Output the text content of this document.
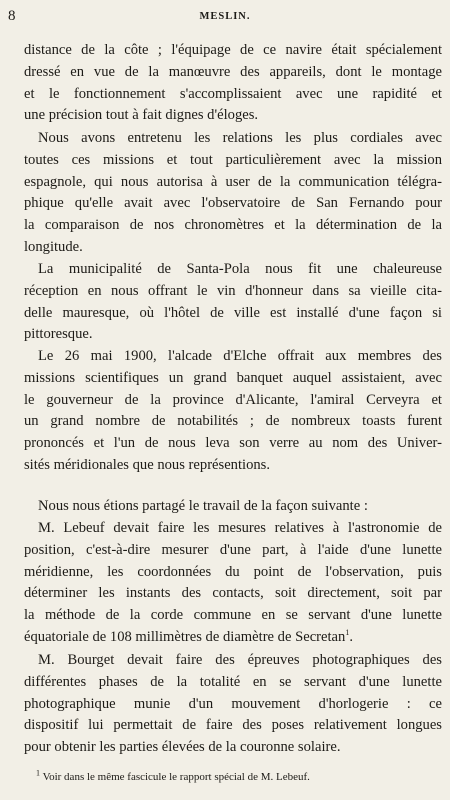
8	MESLIN.
distance de la côte ; l'équipage de ce navire était spécialement
dressé en vue de la manœuvre des appareils, dont le montage
et le fonctionnement s'accomplissaient avec une rapidité et
une précision tout à fait dignes d'éloges.
Nous avons entretenu les relations les plus cordiales avec
toutes ces missions et tout particulièrement avec la mission
espagnole, qui nous autorisa à user de la communication télégra-
phique qu'elle avait avec l'observatoire de San Fernando pour
la comparaison de nos chronomètres et la détermination de la
longitude.
La municipalité de Santa-Pola nous fit une chaleureuse
réception en nous offrant le vin d'honneur dans sa vieille cita-
delle mauresque, où l'hôtel de ville est installé d'une façon si
pittoresque.
Le 26 mai 1900, l'alcade d'Elche offrait aux membres des
missions scientifiques un grand banquet auquel assistaient, avec
le gouverneur de la province d'Alicante, l'amiral Cerveyra et
un grand nombre de notabilités ; de nombreux toasts furent
prononcés et l'un de nous leva son verre au nom des Univer-
sités méridionales que nous représentions.
Nous nous étions partagé le travail de la façon suivante :
M. Lebeuf devait faire les mesures relatives à l'astronomie de
position, c'est-à-dire mesurer d'une part, à l'aide d'une lunette
méridienne, les coordonnées du point de l'observation, puis
déterminer les instants des contacts, soit directement, soit par
la méthode de la corde commune en se servant d'une lunette
équatoriale de 108 millimètres de diamètre de Secretan$^1$.
M. Bourget devait faire des épreuves photographiques des
différentes phases de la totalité en se servant d'une lunette
photographique munie d'un mouvement d'horlogerie : ce
dispositif lui permettait de faire des poses relativement longues
pour obtenir les parties élevées de la couronne solaire.
$^1$ Voir dans le même fascicule le rapport spécial de M. Lebeuf.
